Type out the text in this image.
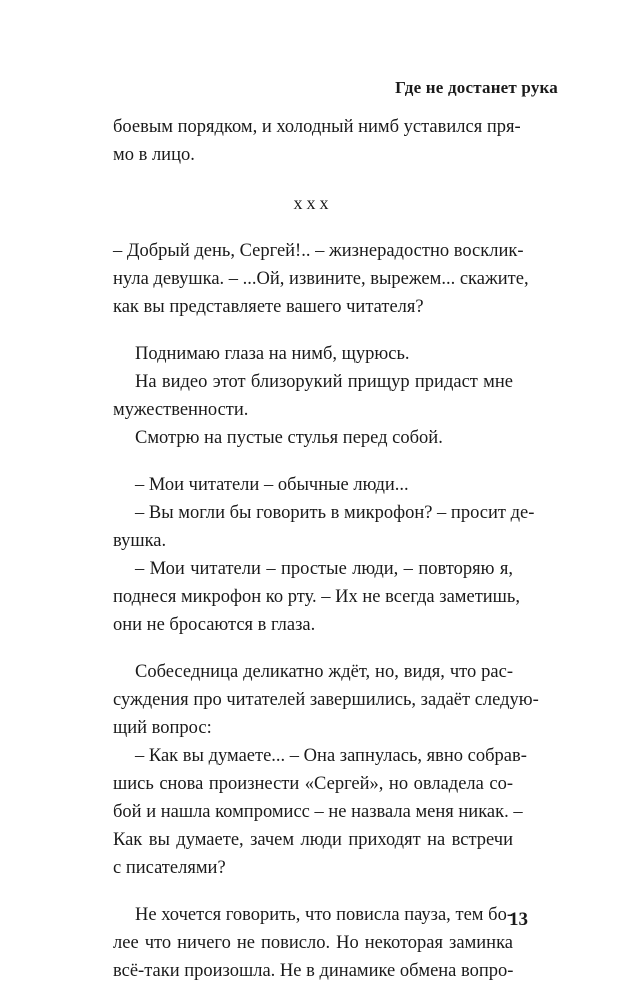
Где не достанет рука
боевым порядком, и холодный нимб уставился пря-
мо в лицо.
ххх
– Добрый день, Сергей!.. – жизнерадостно восклик-
нула девушка. – ...Ой, извините, вырежем... скажите,
как вы представляете вашего читателя?
Поднимаю глаза на нимб, щурюсь.
На видео этот близорукий прищур придаст мне
мужественности.
Смотрю на пустые стулья перед собой.
– Мои читатели – обычные люди...
– Вы могли бы говорить в микрофон? – просит де-
вушка.
– Мои читатели – простые люди, – повторяю я,
поднеся микрофон ко рту. – Их не всегда заметишь,
они не бросаются в глаза.
Собеседница деликатно ждёт, но, видя, что рас-
суждения про читателей завершились, задаёт следую-
щий вопрос:
– Как вы думаете... – Она запнулась, явно собрав-
шись снова произнести «Сергей», но овладела со-
бой и нашла компромисс – не назвала меня никак. –
Как вы думаете, зачем люди приходят на встречи
с писателями?
Не хочется говорить, что повисла пауза, тем бо-
лее что ничего не повисло. Но некоторая заминка
всё-таки произошла. Не в динамике обмена вопро-
13
